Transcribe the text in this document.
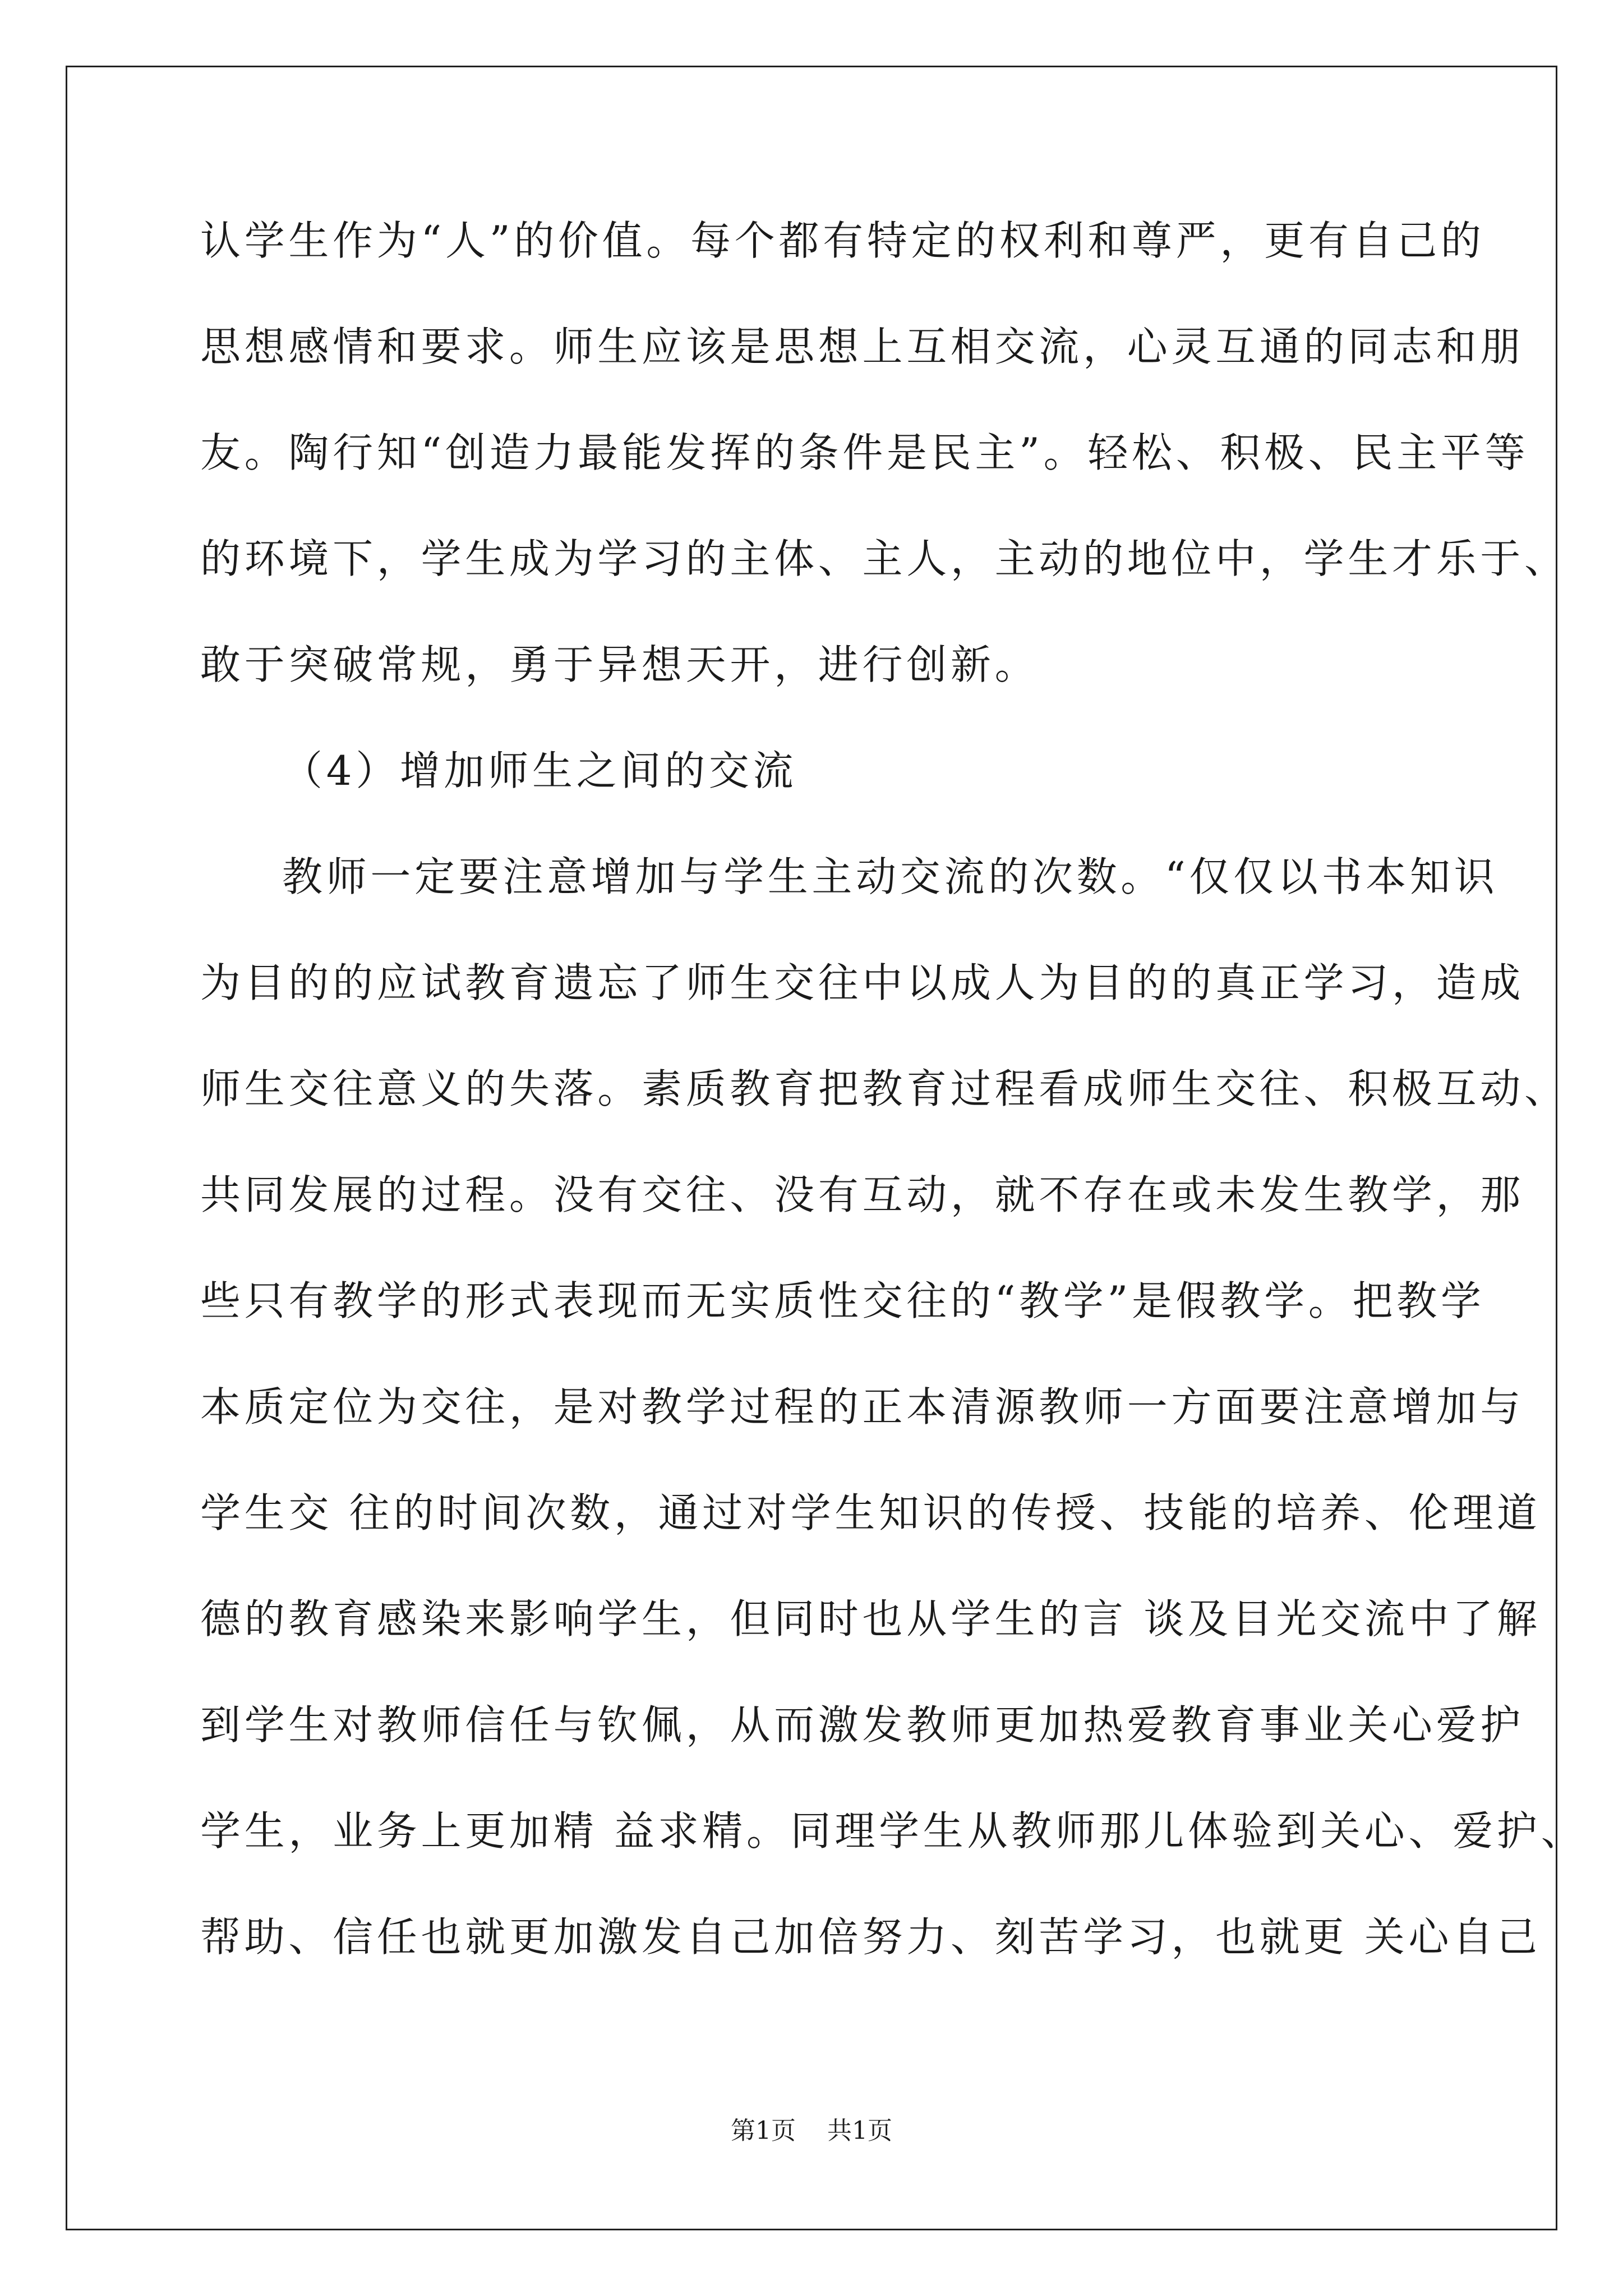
认学生作为“人”的价值。每个都有特定的权利和尊严，更有自己的
思想感情和要求。师生应该是思想上互相交流，心灵互通的同志和朋
友。陶行知“创造力最能发挥的条件是民主”。轻松、积极、民主平等
的环境下，学生成为学习的主体、主人，主动的地位中，学生才乐于、
敢于突破常规，勇于异想天开，进行创新。
（4）增加师生之间的交流
教师一定要注意增加与学生主动交流的次数。“仅仅以书本知识
为目的的应试教育遗忘了师生交往中以成人为目的的真正学习，造成
师生交往意义的失落。素质教育把教育过程看成师生交往、积极互动、
共同发展的过程。没有交往、没有互动，就不存在或未发生教学，那
些只有教学的形式表现而无实质性交往的“教学”是假教学。把教学
本质定位为交往，是对教学过程的正本清源教师一方面要注意增加与
学生交 往的时间次数，通过对学生知识的传授、技能的培养、伦理道
德的教育感染来影响学生，但同时也从学生的言 谈及目光交流中了解
到学生对教师信任与钦佩，从而激发教师更加热爱教育事业关心爱护
学生，业务上更加精 益求精。同理学生从教师那儿体验到关心、爱护、
帮助、信任也就更加激发自己加倍努力、刻苦学习，也就更 关心自己
第1页    共1页
